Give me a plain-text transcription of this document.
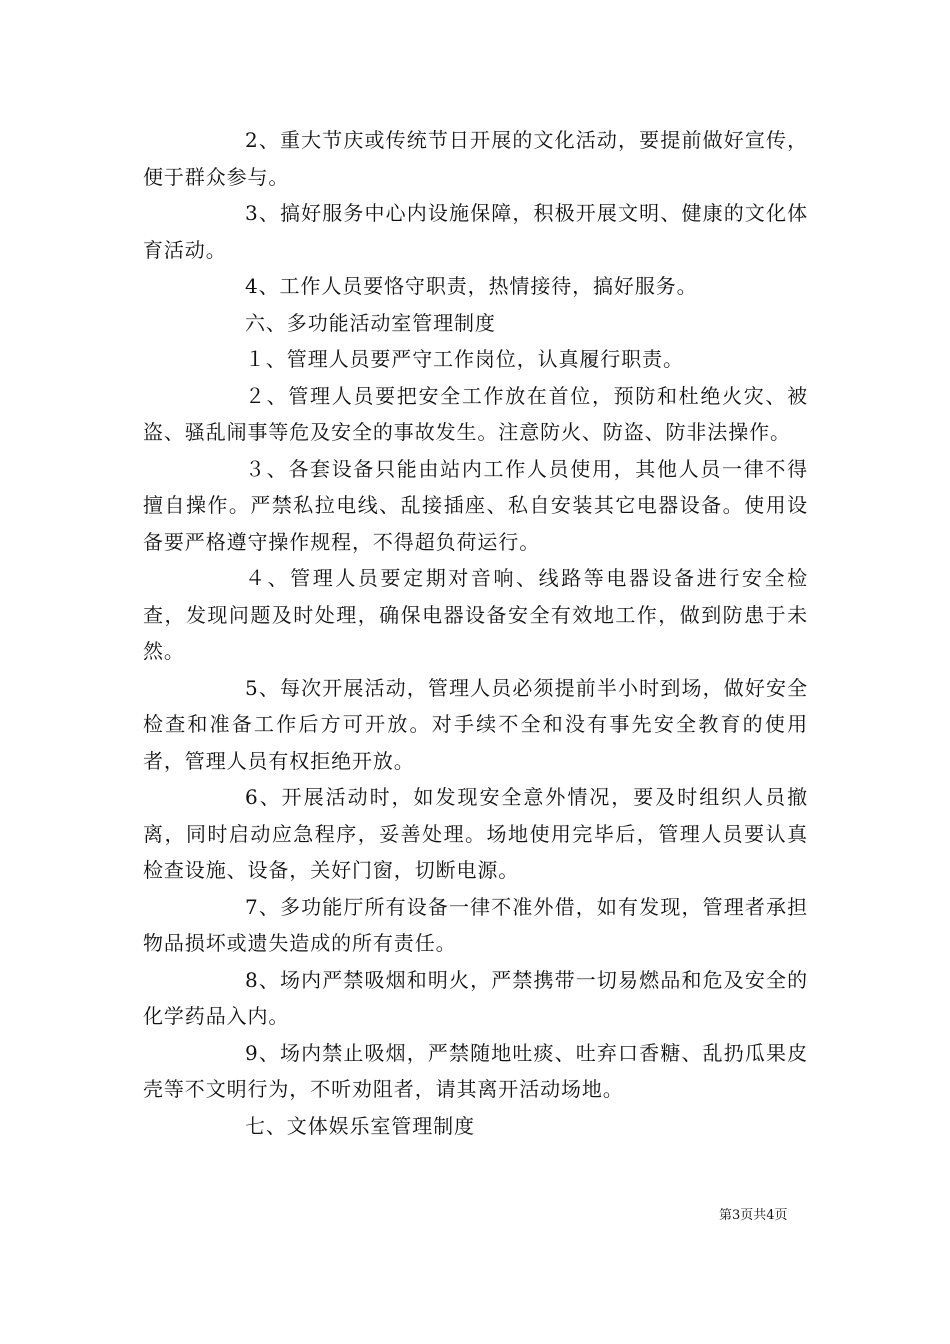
2、重大节庆或传统节日开展的文化活动，要提前做好宣传，便于群众参与。

3、搞好服务中心内设施保障，积极开展文明、健康的文化体育活动。

4、工作人员要恪守职责，热情接待，搞好服务。

六、多功能活动室管理制度

１、管理人员要严守工作岗位，认真履行职责。

２、管理人员要把安全工作放在首位，预防和杜绝火灾、被盗、骚乱闹事等危及安全的事故发生。注意防火、防盗、防非法操作。

３、各套设备只能由站内工作人员使用，其他人员一律不得擅自操作。严禁私拉电线、乱接插座、私自安装其它电器设备。使用设备要严格遵守操作规程，不得超负荷运行。

４、管理人员要定期对音响、线路等电器设备进行安全检查，发现问题及时处理，确保电器设备安全有效地工作，做到防患于未然。

5、每次开展活动，管理人员必须提前半小时到场，做好安全检查和准备工作后方可开放。对手续不全和没有事先安全教育的使用者，管理人员有权拒绝开放。

6、开展活动时，如发现安全意外情况，要及时组织人员撤离，同时启动应急程序，妥善处理。场地使用完毕后，管理人员要认真检查设施、设备，关好门窗，切断电源。

7、多功能厅所有设备一律不准外借，如有发现，管理者承担物品损坏或遗失造成的所有责任。

8、场内严禁吸烟和明火，严禁携带一切易燃品和危及安全的化学药品入内。

9、场内禁止吸烟，严禁随地吐痰、吐弃口香糖、乱扔瓜果皮壳等不文明行为，不听劝阻者，请其离开活动场地。

七、文体娱乐室管理制度

第3页共4页
